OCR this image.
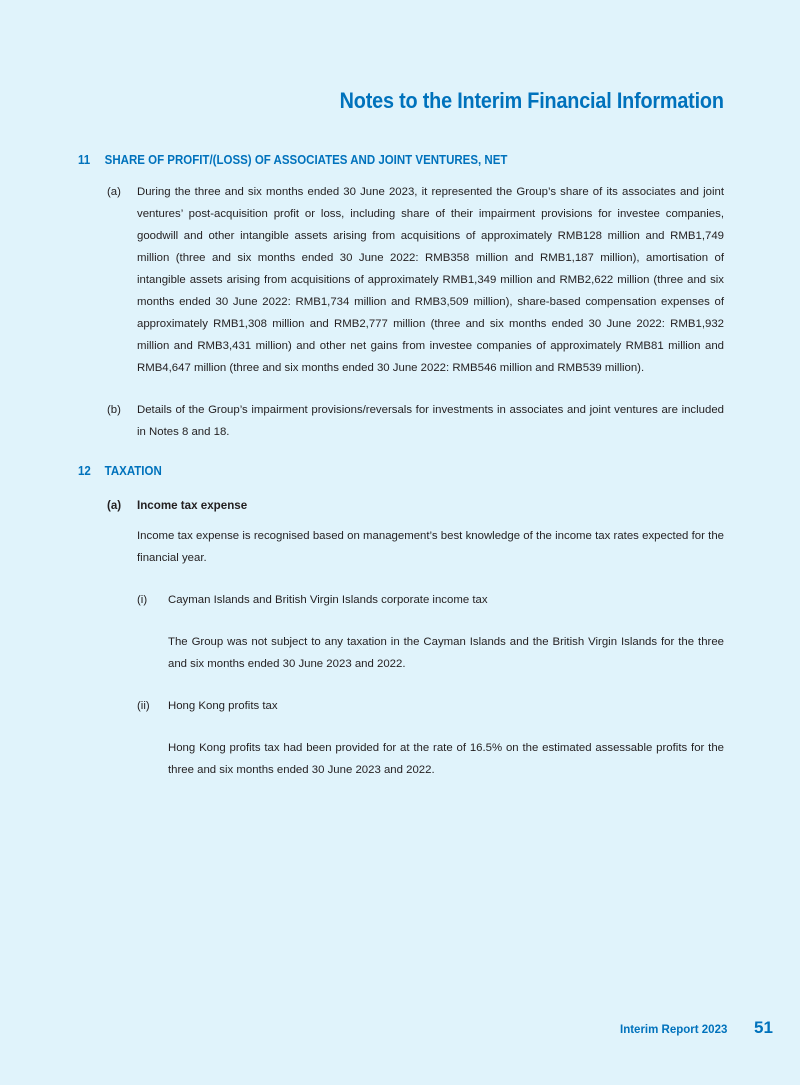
Notes to the Interim Financial Information
11 SHARE OF PROFIT/(LOSS) OF ASSOCIATES AND JOINT VENTURES, NET
(a) During the three and six months ended 30 June 2023, it represented the Group’s share of its associates and joint ventures’ post-acquisition profit or loss, including share of their impairment provisions for investee companies, goodwill and other intangible assets arising from acquisitions of approximately RMB128 million and RMB1,749 million (three and six months ended 30 June 2022: RMB358 million and RMB1,187 million), amortisation of intangible assets arising from acquisitions of approximately RMB1,349 million and RMB2,622 million (three and six months ended 30 June 2022: RMB1,734 million and RMB3,509 million), share-based compensation expenses of approximately RMB1,308 million and RMB2,777 million (three and six months ended 30 June 2022: RMB1,932 million and RMB3,431 million) and other net gains from investee companies of approximately RMB81 million and RMB4,647 million (three and six months ended 30 June 2022: RMB546 million and RMB539 million).
(b) Details of the Group’s impairment provisions/reversals for investments in associates and joint ventures are included in Notes 8 and 18.
12 TAXATION
(a) Income tax expense
Income tax expense is recognised based on management’s best knowledge of the income tax rates expected for the financial year.
(i) Cayman Islands and British Virgin Islands corporate income tax
The Group was not subject to any taxation in the Cayman Islands and the British Virgin Islands for the three and six months ended 30 June 2023 and 2022.
(ii) Hong Kong profits tax
Hong Kong profits tax had been provided for at the rate of 16.5% on the estimated assessable profits for the three and six months ended 30 June 2023 and 2022.
Interim Report 2023 51
